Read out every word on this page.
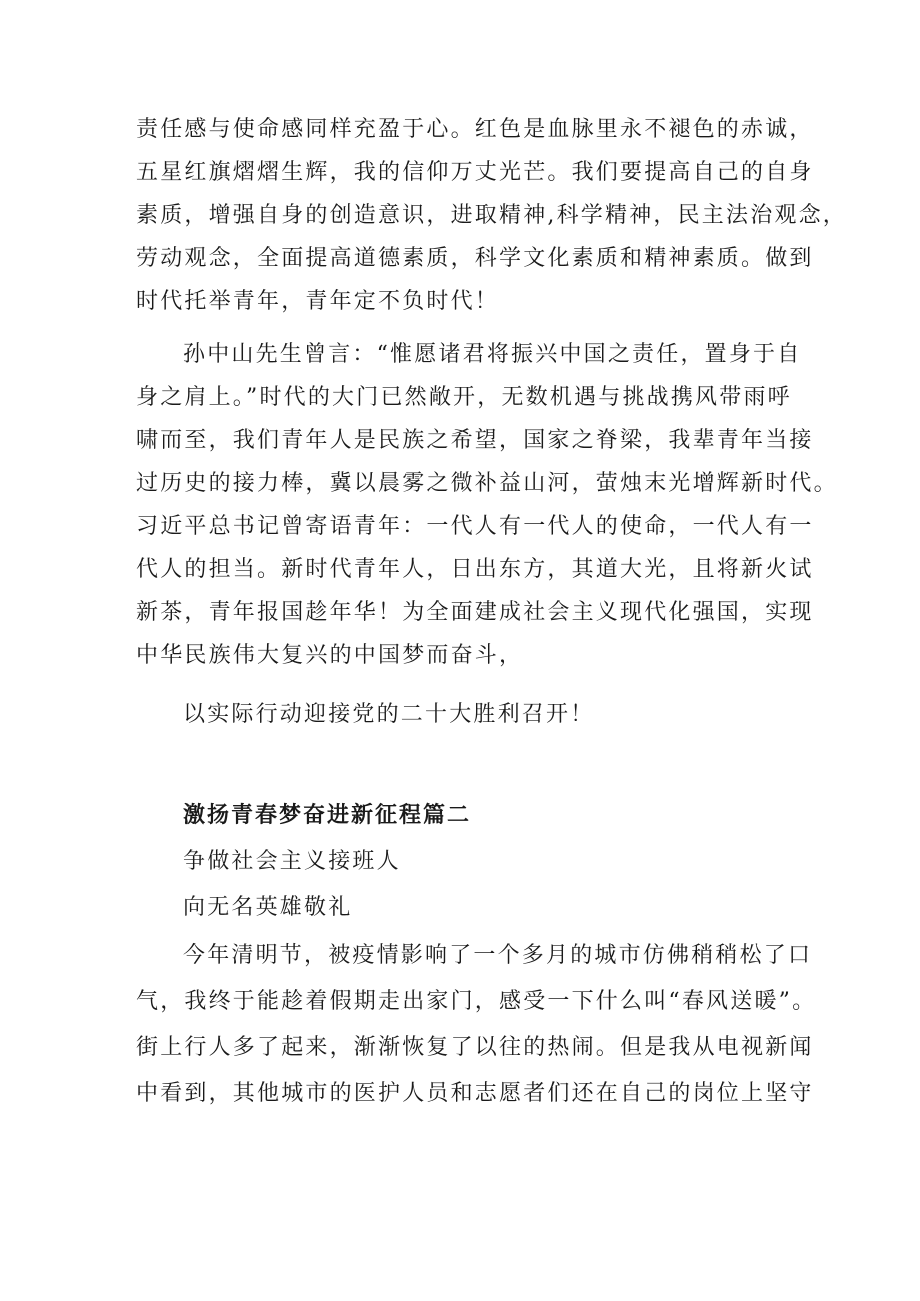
责任感与使命感同样充盈于心。红色是血脉里永不褪色的赤诚，
五星红旗熠熠生辉，我的信仰万丈光芒。我们要提高自己的自身
素质，增强自身的创造意识，进取精神,科学精神，民主法治观念，
劳动观念，全面提高道德素质，科学文化素质和精神素质。做到
时代托举青年，青年定不负时代！
孙中山先生曾言：“惟愿诸君将振兴中国之责任，置身于自
身之肩上。”时代的大门已然敞开，无数机遇与挑战携风带雨呼
啸而至，我们青年人是民族之希望，国家之脊梁，我辈青年当接
过历史的接力棒，冀以晨雾之微补益山河，萤烛末光增辉新时代。
习近平总书记曾寄语青年：一代人有一代人的使命，一代人有一
代人的担当。新时代青年人，日出东方，其道大光，且将新火试
新茶，青年报国趁年华！为全面建成社会主义现代化强国，实现
中华民族伟大复兴的中国梦而奋斗，
以实际行动迎接党的二十大胜利召开！
激扬青春梦奋进新征程篇二
争做社会主义接班人
向无名英雄敬礼
今年清明节，被疫情影响了一个多月的城市仿佛稍稍松了口
气，我终于能趁着假期走出家门，感受一下什么叫“春风送暖”。
街上行人多了起来，渐渐恢复了以往的热闹。但是我从电视新闻
中看到，其他城市的医护人员和志愿者们还在自己的岗位上坚守
